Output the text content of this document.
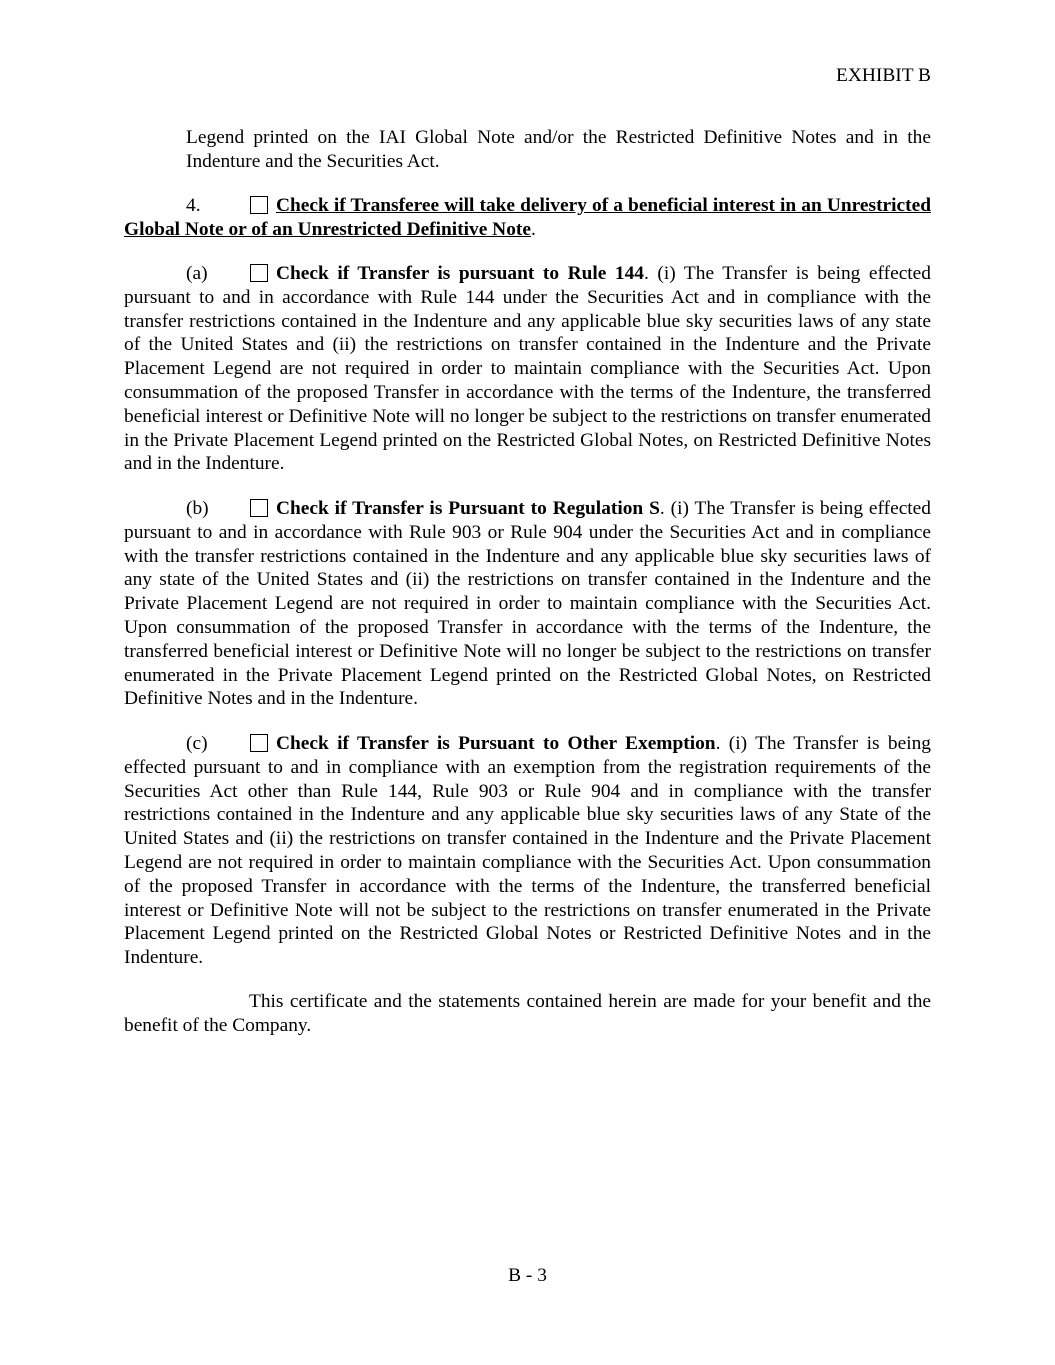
EXHIBIT B
Legend printed on the IAI Global Note and/or the Restricted Definitive Notes and in the Indenture and the Securities Act.
4.	Check if Transferee will take delivery of a beneficial interest in an Unrestricted Global Note or of an Unrestricted Definitive Note.
(a)	Check if Transfer is pursuant to Rule 144. (i) The Transfer is being effected pursuant to and in accordance with Rule 144 under the Securities Act and in compliance with the transfer restrictions contained in the Indenture and any applicable blue sky securities laws of any state of the United States and (ii) the restrictions on transfer contained in the Indenture and the Private Placement Legend are not required in order to maintain compliance with the Securities Act. Upon consummation of the proposed Transfer in accordance with the terms of the Indenture, the transferred beneficial interest or Definitive Note will no longer be subject to the restrictions on transfer enumerated in the Private Placement Legend printed on the Restricted Global Notes, on Restricted Definitive Notes and in the Indenture.
(b)	Check if Transfer is Pursuant to Regulation S. (i) The Transfer is being effected pursuant to and in accordance with Rule 903 or Rule 904 under the Securities Act and in compliance with the transfer restrictions contained in the Indenture and any applicable blue sky securities laws of any state of the United States and (ii) the restrictions on transfer contained in the Indenture and the Private Placement Legend are not required in order to maintain compliance with the Securities Act. Upon consummation of the proposed Transfer in accordance with the terms of the Indenture, the transferred beneficial interest or Definitive Note will no longer be subject to the restrictions on transfer enumerated in the Private Placement Legend printed on the Restricted Global Notes, on Restricted Definitive Notes and in the Indenture.
(c)	Check if Transfer is Pursuant to Other Exemption. (i) The Transfer is being effected pursuant to and in compliance with an exemption from the registration requirements of the Securities Act other than Rule 144, Rule 903 or Rule 904 and in compliance with the transfer restrictions contained in the Indenture and any applicable blue sky securities laws of any State of the United States and (ii) the restrictions on transfer contained in the Indenture and the Private Placement Legend are not required in order to maintain compliance with the Securities Act. Upon consummation of the proposed Transfer in accordance with the terms of the Indenture, the transferred beneficial interest or Definitive Note will not be subject to the restrictions on transfer enumerated in the Private Placement Legend printed on the Restricted Global Notes or Restricted Definitive Notes and in the Indenture.
This certificate and the statements contained herein are made for your benefit and the benefit of the Company.
B - 3
